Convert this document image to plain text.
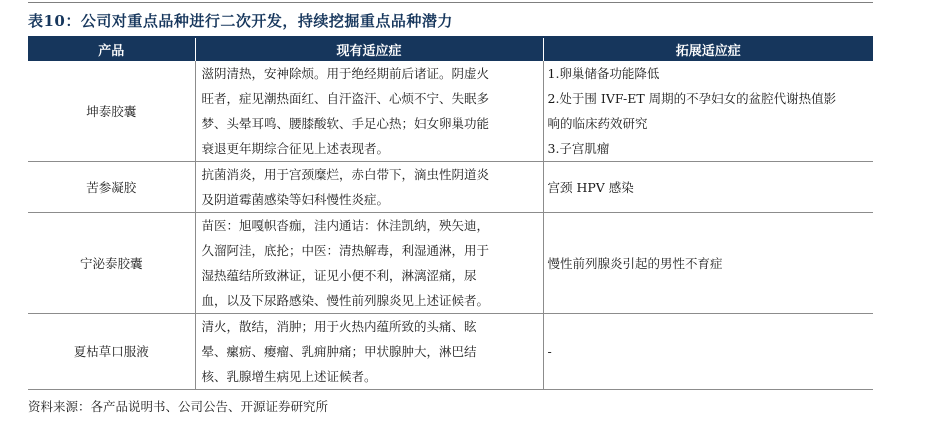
表10：公司对重点品种进行二次开发，持续挖掘重点品种潜力
产品	现有适应症	拓展适应症
坤泰胶囊	滋阴清热，安神除烦。用于绝经期前后诸证。阴虚火
旺者，症见潮热面红、自汗盗汗、心烦不宁、失眠多
梦、头晕耳鸣、腰膝酸软、手足心热；妇女卵巢功能
衰退更年期综合征见上述表现者。	1.卵巢储备功能降低
2.处于围 IVF-ET 周期的不孕妇女的盆腔代谢热值影
响的临床药效研究
3.子宫肌瘤

苦参凝胶	抗菌消炎，用于宫颈糜烂，赤白带下，滴虫性阴道炎
及阴道霉菌感染等妇科慢性炎症。	宫颈 HPV 感染

宁泌泰胶囊	苗医：旭嘎帜沓痂，洼内通诘：休洼凯纳，殃矢迪，
久溜阿洼，底抡；中医：清热解毒，利湿通淋，用于
湿热蕴结所致淋证，证见小便不利，淋漓涩痛，尿
血，以及下尿路感染、慢性前列腺炎见上述证候者。	慢性前列腺炎引起的男性不育症

夏枯草口服液	清火，散结，消肿；用于火热内蕴所致的头痛、眩
晕、瘰疬、瘿瘤、乳痈肿痛；甲状腺肿大，淋巴结
核、乳腺增生病见上述证候者。	-
资料来源：各产品说明书、公司公告、开源证券研究所
